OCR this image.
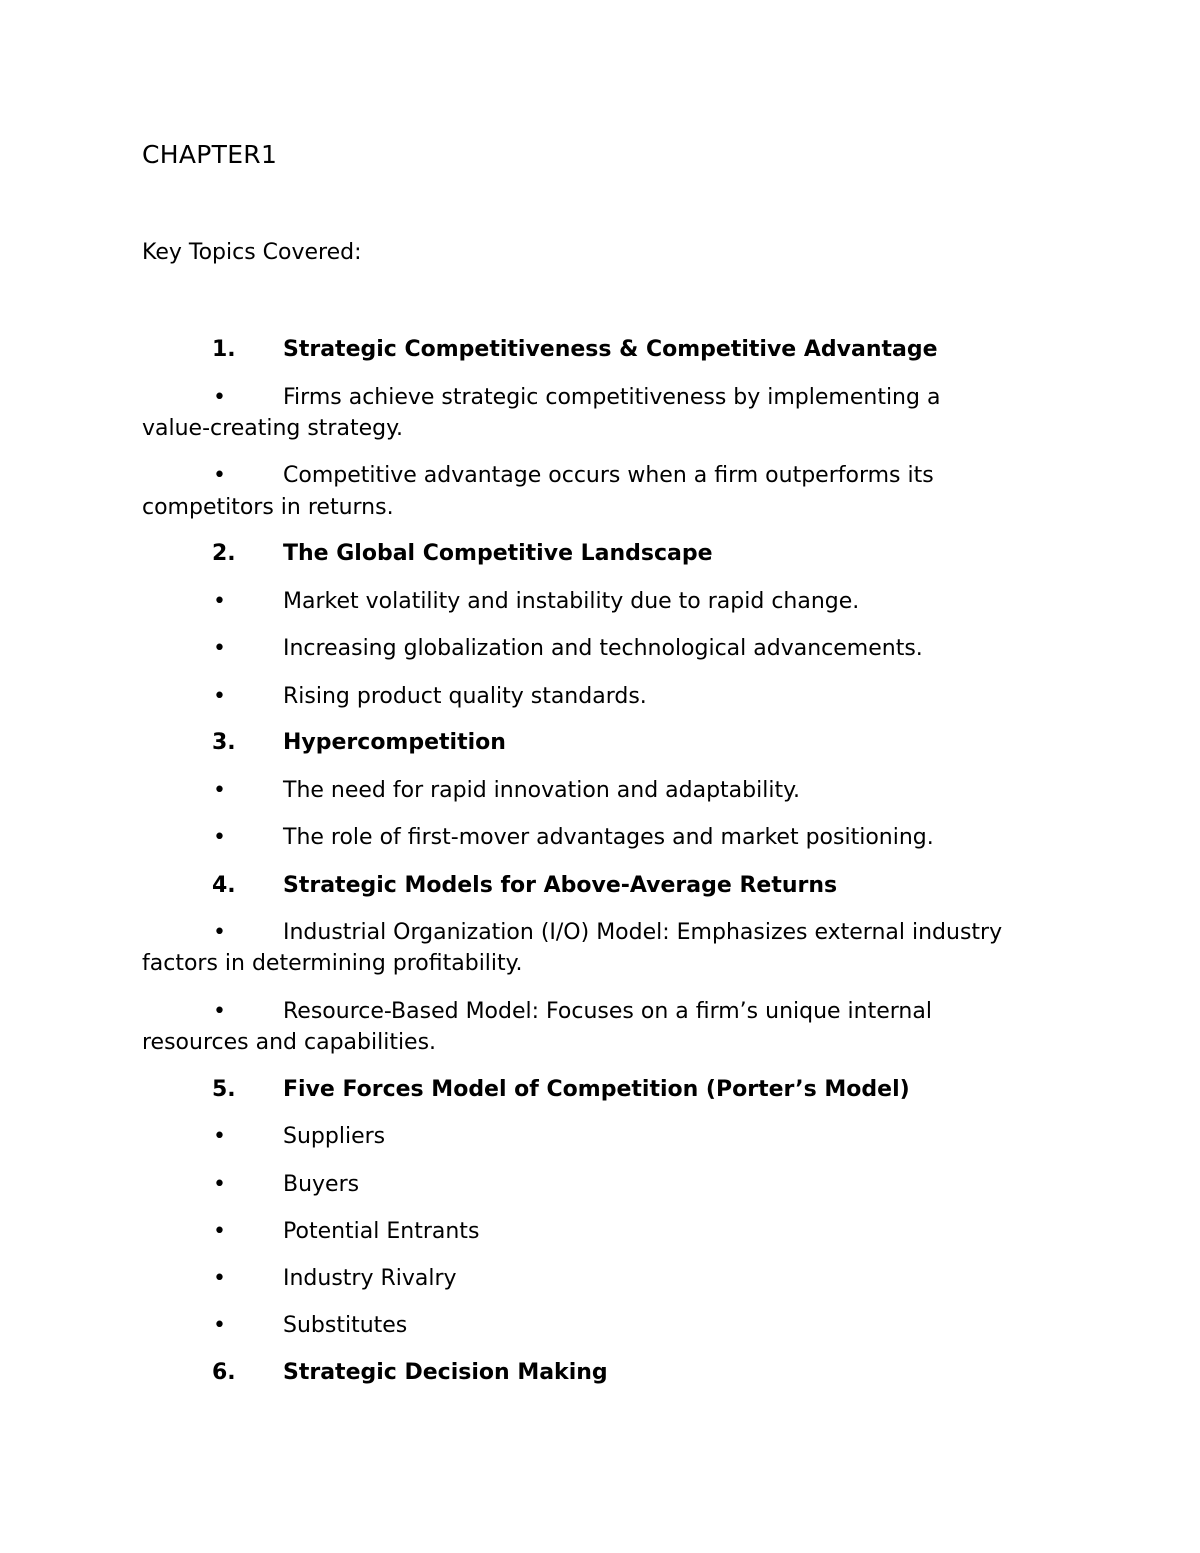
CHAPTER1

Key Topics Covered:

1. Strategic Competitiveness & Competitive Advantage
•	Firms achieve strategic competitiveness by implementing a
value-creating strategy.
•	Competitive advantage occurs when a firm outperforms its
competitors in returns.
2. The Global Competitive Landscape
•	Market volatility and instability due to rapid change.
•	Increasing globalization and technological advancements.
•	Rising product quality standards.
3. Hypercompetition
•	The need for rapid innovation and adaptability.
•	The role of first-mover advantages and market positioning.
4. Strategic Models for Above-Average Returns
•	Industrial Organization (I/O) Model: Emphasizes external industry
factors in determining profitability.
•	Resource-Based Model: Focuses on a firm’s unique internal
resources and capabilities.
5. Five Forces Model of Competition (Porter’s Model)
•	Suppliers
•	Buyers
•	Potential Entrants
•	Industry Rivalry
•	Substitutes
6. Strategic Decision Making
